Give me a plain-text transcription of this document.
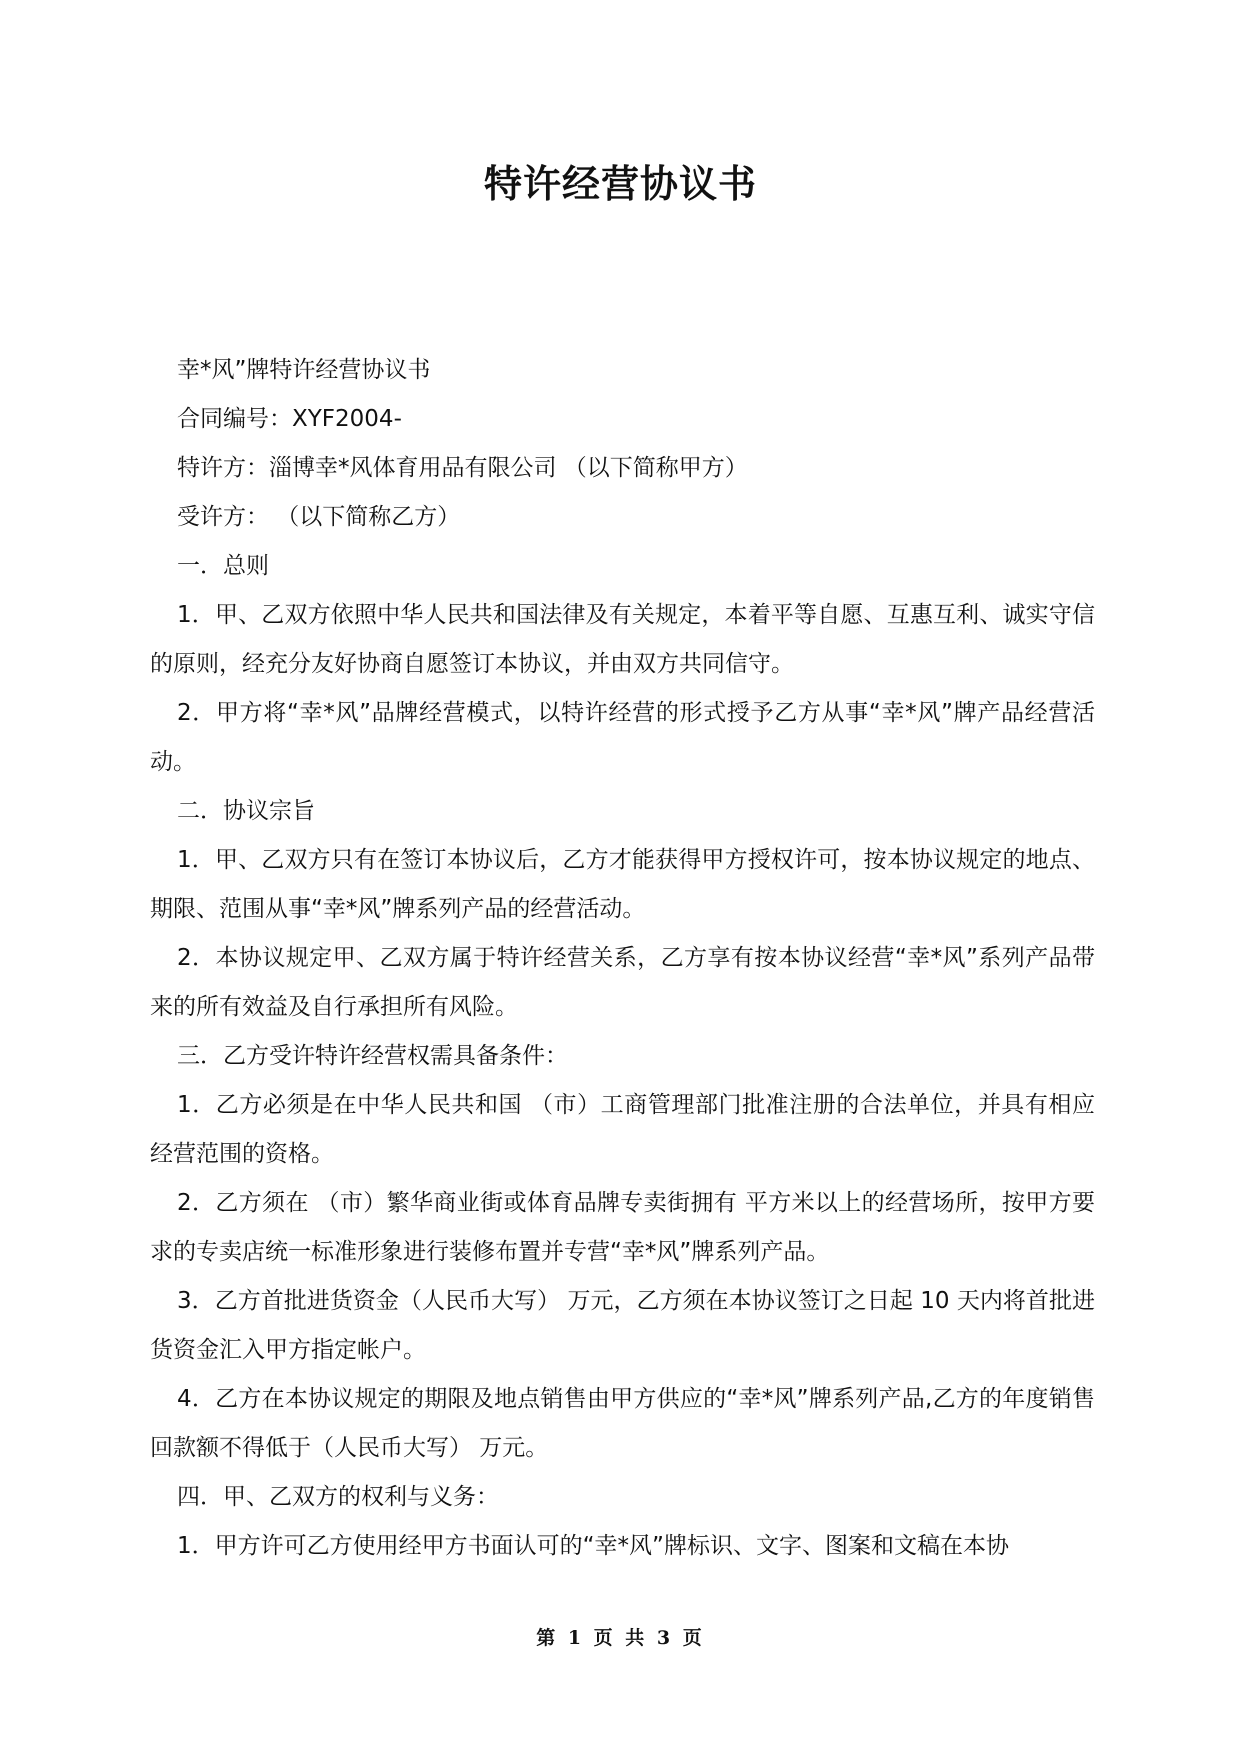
特许经营协议书

幸*风”牌特许经营协议书

合同编号：XYF2004-

特许方：淄博幸*风体育用品有限公司 （以下简称甲方）

受许方： （以下简称乙方）

一．总则

1．甲、乙双方依照中华人民共和国法律及有关规定，本着平等自愿、互惠互利、诚实守信的原则，经充分友好协商自愿签订本协议，并由双方共同信守。

2．甲方将“幸*风”品牌经营模式，以特许经营的形式授予乙方从事“幸*风”牌产品经营活动。

二．协议宗旨

1．甲、乙双方只有在签订本协议后，乙方才能获得甲方授权许可，按本协议规定的地点、期限、范围从事“幸*风”牌系列产品的经营活动。

2．本协议规定甲、乙双方属于特许经营关系，乙方享有按本协议经营“幸*风”系列产品带来的所有效益及自行承担所有风险。

三．乙方受许特许经营权需具备条件：

1．乙方必须是在中华人民共和国 （市）工商管理部门批准注册的合法单位，并具有相应经营范围的资格。

2．乙方须在 （市）繁华商业街或体育品牌专卖街拥有 平方米以上的经营场所，按甲方要求的专卖店统一标准形象进行装修布置并专营“幸*风”牌系列产品。

3．乙方首批进货资金（人民币大写） 万元，乙方须在本协议签订之日起 10 天内将首批进货资金汇入甲方指定帐户。

4．乙方在本协议规定的期限及地点销售由甲方供应的“幸*风”牌系列产品,乙方的年度销售回款额不得低于（人民币大写） 万元。

四．甲、乙双方的权利与义务：

1．甲方许可乙方使用经甲方书面认可的“幸*风”牌标识、文字、图案和文稿在本协

第 1 页 共 3 页
